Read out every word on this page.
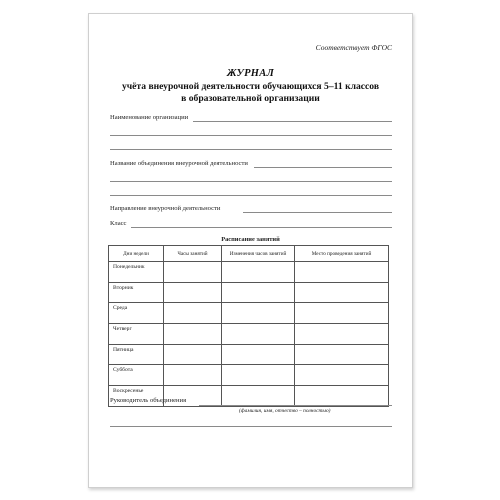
Соответствует ФГОС
ЖУРНАЛ
учёта внеурочной деятельности обучающихся 5–11 классов
в образовательной организации
Наименование организации
Название объединения внеурочной деятельности
Направление внеурочной деятельности
Класс
Расписание занятий
Дни недели	Часы занятий	Изменения часов занятий	Место проведения занятий
Понедельник			
Вторник			
Среда			
Четверг			
Пятница			
Суббота			
Воскресенье			
Руководитель объединения
(фамилия, имя, отчество – полностью)
